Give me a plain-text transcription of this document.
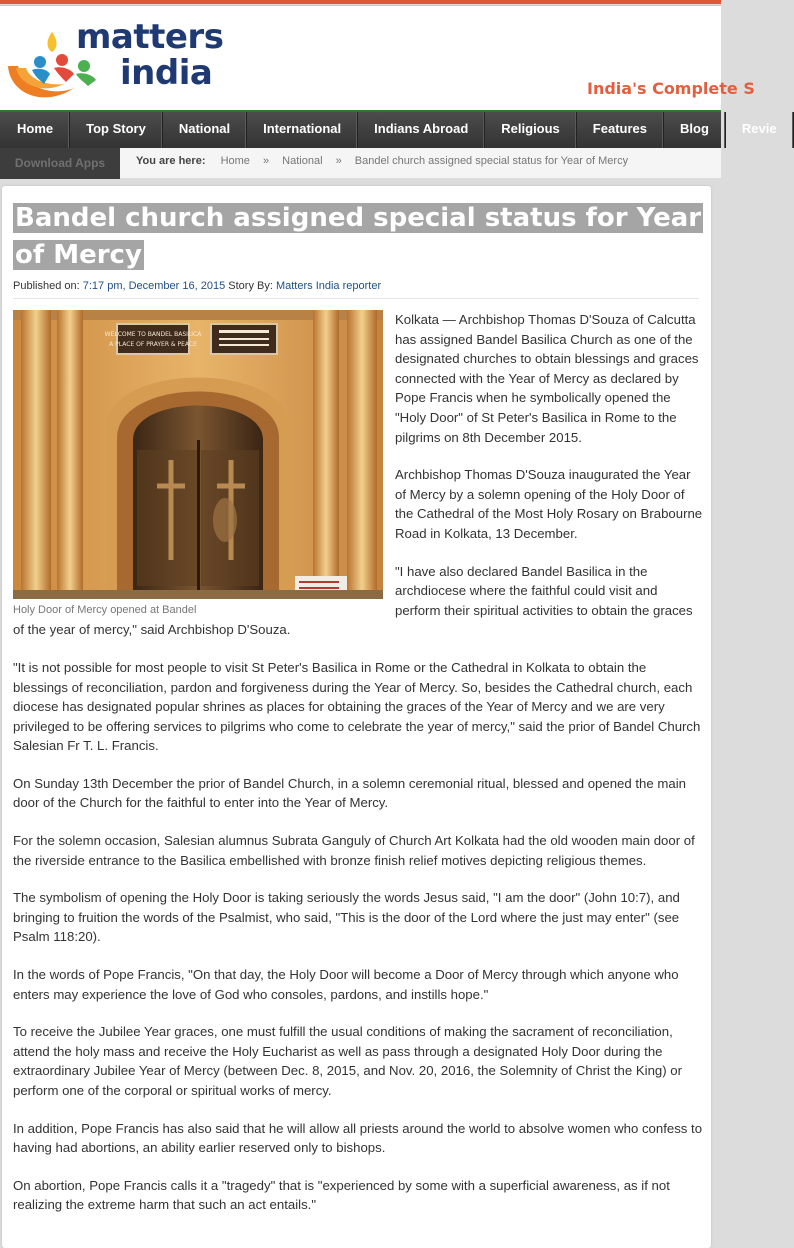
matters
india	India's Complete S
Home	Top Story	National	International	Indians Abroad	Religious	Features	Blog	Revie
Download Apps	You are here: Home » National » Bandel church assigned special status for Year of Mercy
Bandel church assigned special status for Year of Mercy
Published on: 7:17 pm, December 16, 2015 Story By: Matters India reporter
WELCOME TO BANDEL BASILICA
A PLACE OF PRAYER & PEACE
Holy Door of Mercy opened at Bandel

Kolkata — Archbishop Thomas D'Souza of Calcutta has assigned Bandel Basilica Church as one of the designated churches to obtain blessings and graces connected with the Year of Mercy as declared by Pope Francis when he symbolically opened the "Holy Door" of St Peter's Basilica in Rome to the pilgrims on 8th December 2015.

Archbishop Thomas D'Souza inaugurated the Year of Mercy by a solemn opening of the Holy Door of the Cathedral of the Most Holy Rosary on Brabourne Road in Kolkata, 13 December.

"I have also declared Bandel Basilica in the archdiocese where the faithful could visit and perform their spiritual activities to obtain the graces of the year of mercy," said Archbishop D'Souza.

"It is not possible for most people to visit St Peter's Basilica in Rome or the Cathedral in Kolkata to obtain the blessings of reconciliation, pardon and forgiveness during the Year of Mercy. So, besides the Cathedral church, each diocese has designated popular shrines as places for obtaining the graces of the Year of Mercy and we are very privileged to be offering services to pilgrims who come to celebrate the year of mercy," said the prior of Bandel Church Salesian Fr T. L. Francis.

On Sunday 13th December the prior of Bandel Church, in a solemn ceremonial ritual, blessed and opened the main door of the Church for the faithful to enter into the Year of Mercy.

For the solemn occasion, Salesian alumnus Subrata Ganguly of Church Art Kolkata had the old wooden main door of the riverside entrance to the Basilica embellished with bronze finish relief motives depicting religious themes.

The symbolism of opening the Holy Door is taking seriously the words Jesus said, "I am the door" (John 10:7), and bringing to fruition the words of the Psalmist, who said, "This is the door of the Lord where the just may enter" (see Psalm 118:20).

In the words of Pope Francis, "On that day, the Holy Door will become a Door of Mercy through which anyone who enters may experience the love of God who consoles, pardons, and instills hope."

To receive the Jubilee Year graces, one must fulfill the usual conditions of making the sacrament of reconciliation, attend the holy mass and receive the Holy Eucharist as well as pass through a designated Holy Door during the extraordinary Jubilee Year of Mercy (between Dec. 8, 2015, and Nov. 20, 2016, the Solemnity of Christ the King) or perform one of the corporal or spiritual works of mercy.

In addition, Pope Francis has also said that he will allow all priests around the world to absolve women who confess to having had abortions, an ability earlier reserved only to bishops.

On abortion, Pope Francis calls it a "tragedy" that is "experienced by some with a superficial awareness, as if not realizing the extreme harm that such an act entails."
